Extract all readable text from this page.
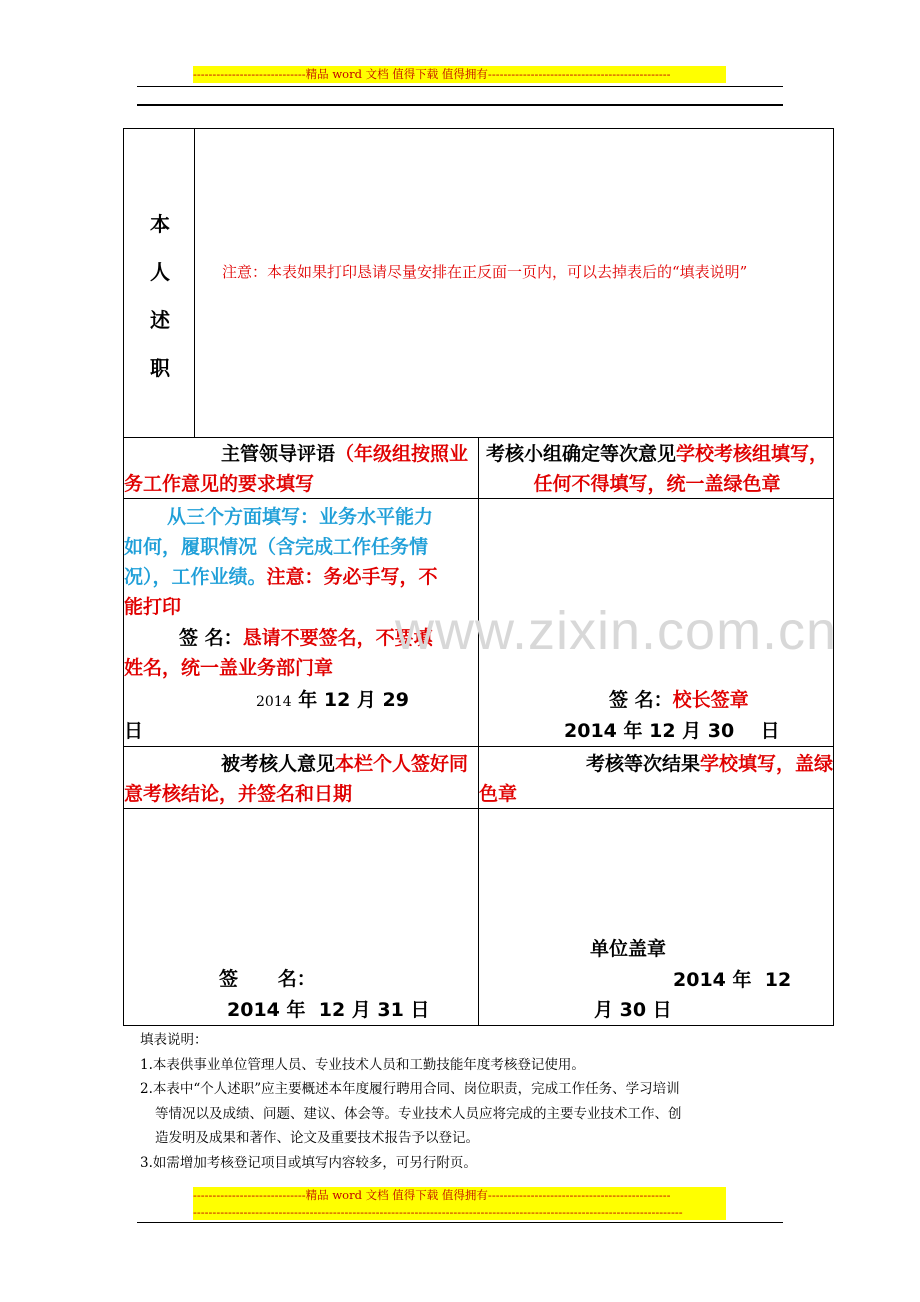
-----------------------------精品 word 文档 值得下载 值得拥有-----------------------------------------------
本
人
述
职
注意：本表如果打印恳请尽量安排在正反面一页内，可以去掉表后的“填表说明”
主管领导评语（年级组按照业务工作意见的要求填写
考核小组确定等次意见学校考核组填写，任何不得填写，统一盖绿色章
从三个方面填写：业务水平能力如何，履职情况（含完成工作任务情况），工作业绩。注意：务必手写，不能打印
签 名：恳请不要签名，不要填姓名，统一盖业务部门章
2014 年 12 月 29
日
签 名：校长签章
2014 年 12 月 30    日
被考核人意见本栏个人签好同意考核结论，并签名和日期
考核等次结果学校填写，盖绿色章
签      名：
2014 年  12 月 31 日
单位盖章
2014 年  12
月 30 日
www.zixin.com.cn
填表说明：
1.本表供事业单位管理人员、专业技术人员和工勤技能年度考核登记使用。
2.本表中“个人述职”应主要概述本年度履行聘用合同、岗位职责，完成工作任务、学习培训
等情况以及成绩、问题、建议、体会等。专业技术人员应将完成的主要专业技术工作、创
造发明及成果和著作、论文及重要技术报告予以登记。
3.如需增加考核登记项目或填写内容较多，可另行附页。
-----------------------------精品 word 文档 值得下载 值得拥有-----------------------------------------------
------------------------------------------------------------------------------------------------------------------------------
